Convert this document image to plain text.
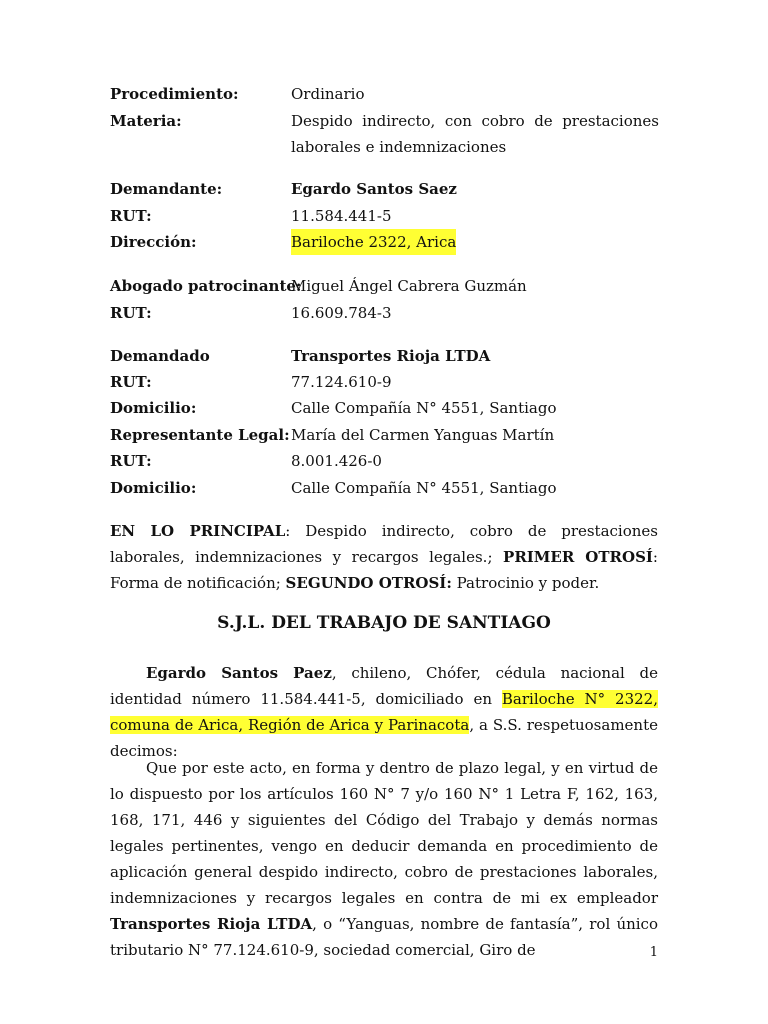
Procedimiento:	Ordinario
Materia:	Despido indirecto, con cobro de prestaciones laborales e indemnizaciones
Demandante:	Egardo Santos Saez
RUT:	11.584.441-5
Dirección:	Bariloche 2322, Arica
Abogado patrocinante:
Miguel Ángel Cabrera Guzmán
RUT:	16.609.784-3
Demandado	Transportes Rioja LTDA
RUT:	77.124.610-9
Domicilio:	Calle Compañía N° 4551, Santiago
Representante Legal: María del Carmen Yanguas Martín
RUT:	8.001.426-0
Domicilio:	Calle Compañía N° 4551, Santiago
EN LO PRINCIPAL: Despido indirecto, cobro de prestaciones laborales, indemnizaciones y recargos legales.; PRIMER OTROSÍ: Forma de notificación; SEGUNDO OTROSÍ: Patrocinio y poder.
S.J.L. DEL TRABAJO DE SANTIAGO
Egardo Santos Paez, chileno, Chófer, cédula nacional de identidad número 11.584.441-5, domiciliado en Bariloche N° 2322, comuna de Arica, Región de Arica y Parinacota, a S.S. respetuosamente decimos:
Que por este acto, en forma y dentro de plazo legal, y en virtud de lo dispuesto por los artículos 160 N° 7 y/o 160 N° 1 Letra F, 162, 163, 168, 171, 446 y siguientes del Código del Trabajo y demás normas legales pertinentes, vengo en deducir demanda en procedimiento de aplicación general despido indirecto, cobro de prestaciones laborales, indemnizaciones y recargos legales en contra de mi ex empleador Transportes Rioja LTDA, o “Yanguas, nombre de fantasía”, rol único tributario N° 77.124.610-9, sociedad comercial, Giro de	1
